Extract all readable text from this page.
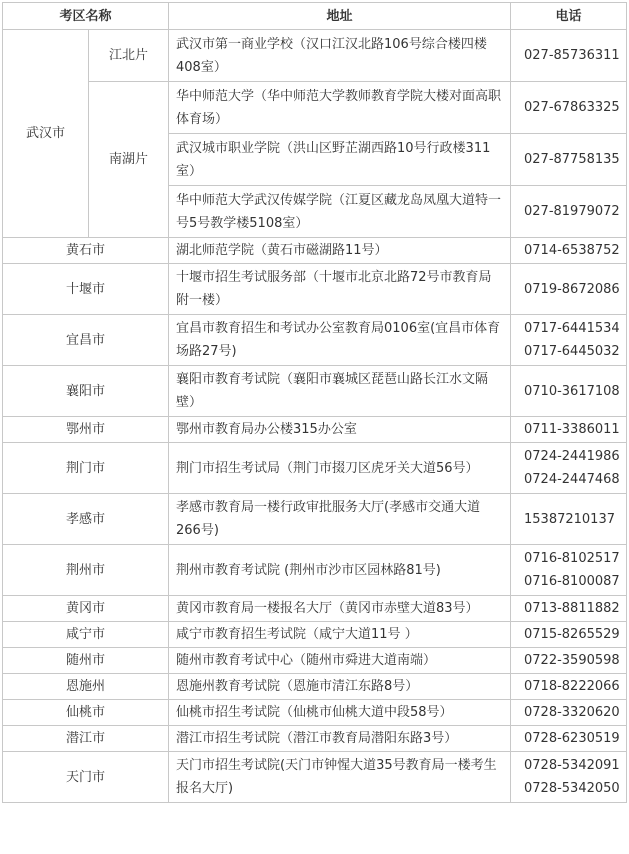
考区名称		地址	电话
武汉市	江北片	武汉市第一商业学校（汉口江汉北路106号综合楼四楼408室）	027-85736311

	南湖片	华中师范大学（华中师范大学教师教育学院大楼对面高职体育场）	027-67863325

		武汉城市职业学院（洪山区野芷湖西路10号行政楼311室）	027-87758135

		华中师范大学武汉传媒学院（江夏区藏龙岛凤凰大道特一号5号教学楼5108室）	027-81979072

黄石市		湖北师范学院（黄石市磁湖路11号）	0714-6538752

十堰市		十堰市招生考试服务部（十堰市北京北路72号市教育局附一楼）	0719-8672086

宜昌市		宜昌市教育招生和考试办公室教育局0106室(宜昌市体育场路27号)	0717-6441534
0717-6445032

襄阳市		襄阳市教育考试院（襄阳市襄城区琵琶山路长江水文隔壁）	0710-3617108

鄂州市		鄂州市教育局办公楼315办公室	0711-3386011

荆门市		荆门市招生考试局（荆门市掇刀区虎牙关大道56号）	0724-2441986
0724-2447468

孝感市		孝感市教育局一楼行政审批服务大厅(孝感市交通大道266号)	15387210137

荆州市		荆州市教育考试院 (荆州市沙市区园林路81号)	0716-8102517
0716-8100087

黄冈市		黄冈市教育局一楼报名大厅（黄冈市赤壁大道83号）	0713-8811882

咸宁市		咸宁市教育招生考试院（咸宁大道11号 ）	0715-8265529

随州市		随州市教育考试中心（随州市舜进大道南端）	0722-3590598

恩施州		恩施州教育考试院（恩施市清江东路8号）	0718-8222066

仙桃市		仙桃市招生考试院（仙桃市仙桃大道中段58号）	0728-3320620

潜江市		潜江市招生考试院（潜江市教育局潜阳东路3号）	0728-6230519

天门市		天门市招生考试院(天门市钟惺大道35号教育局一楼考生报名大厅)	0728-5342091
0728-5342050
